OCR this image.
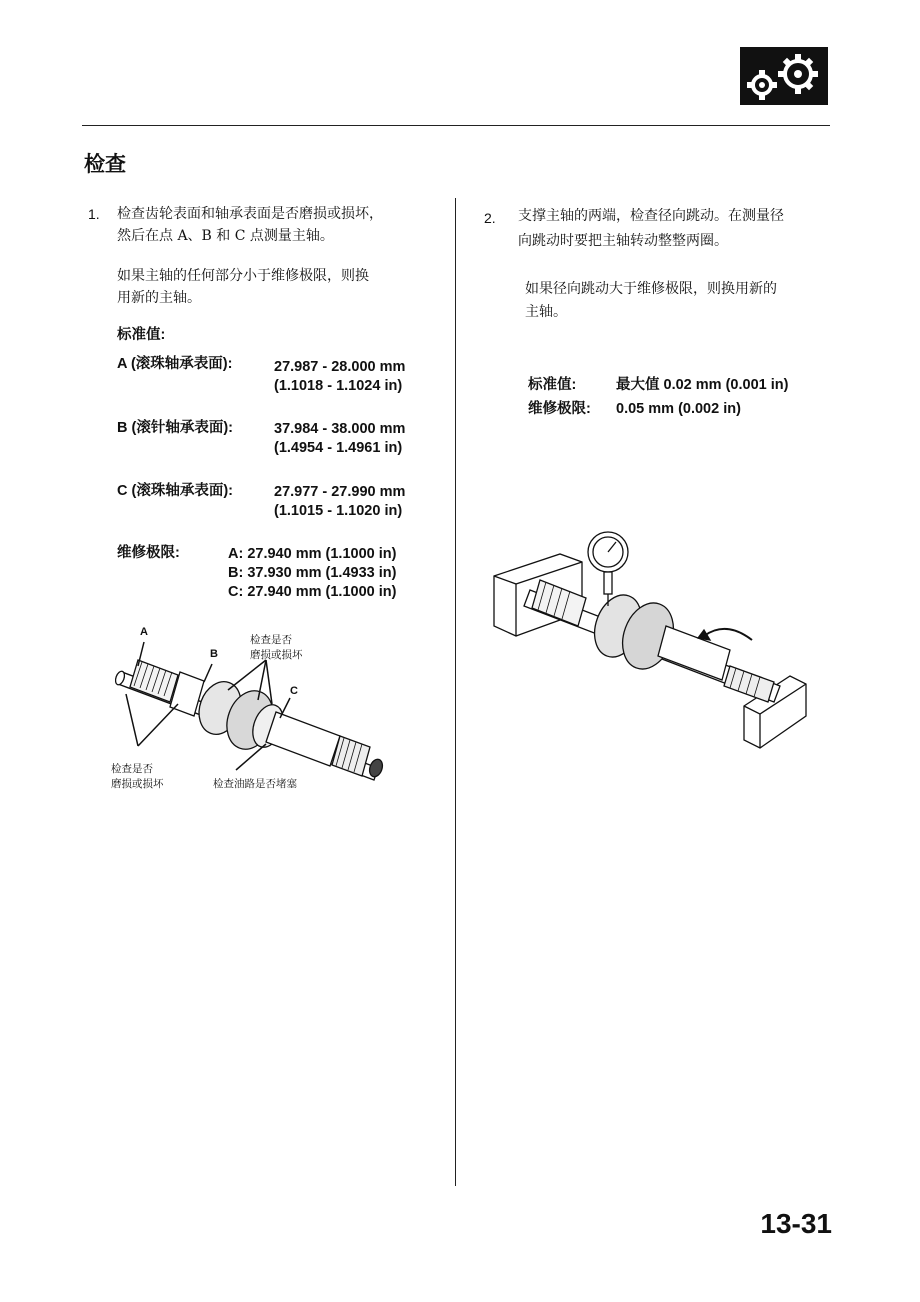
检查
1. 检查齿轮表面和轴承表面是否磨损或损坏，
然后在点 A、B 和 C 点测量主轴。
如果主轴的任何部分小于维修极限，则换
用新的主轴。
标准值:
A (滚珠轴承表面):	27.987 - 28.000 mm
(1.1018 - 1.1024 in)
B (滚针轴承表面):	37.984 - 38.000 mm
(1.4954 - 1.4961 in)
C (滚珠轴承表面):	27.977 - 27.990 mm
(1.1015 - 1.1020 in)
维修极限:	A: 27.940 mm (1.1000 in)
B: 37.930 mm (1.4933 in)
C: 27.940 mm (1.1000 in)
A
B
C
检查是否
磨损或损坏
检查是否
磨损或损坏	检查油路是否堵塞
2. 支撑主轴的两端，检查径向跳动。在测量径
向跳动时要把主轴转动整整两圈。
如果径向跳动大于维修极限，则换用新的
主轴。
标准值:	最大值 0.02 mm (0.001 in)
维修极限: 0.05 mm (0.002 in)
13-31
